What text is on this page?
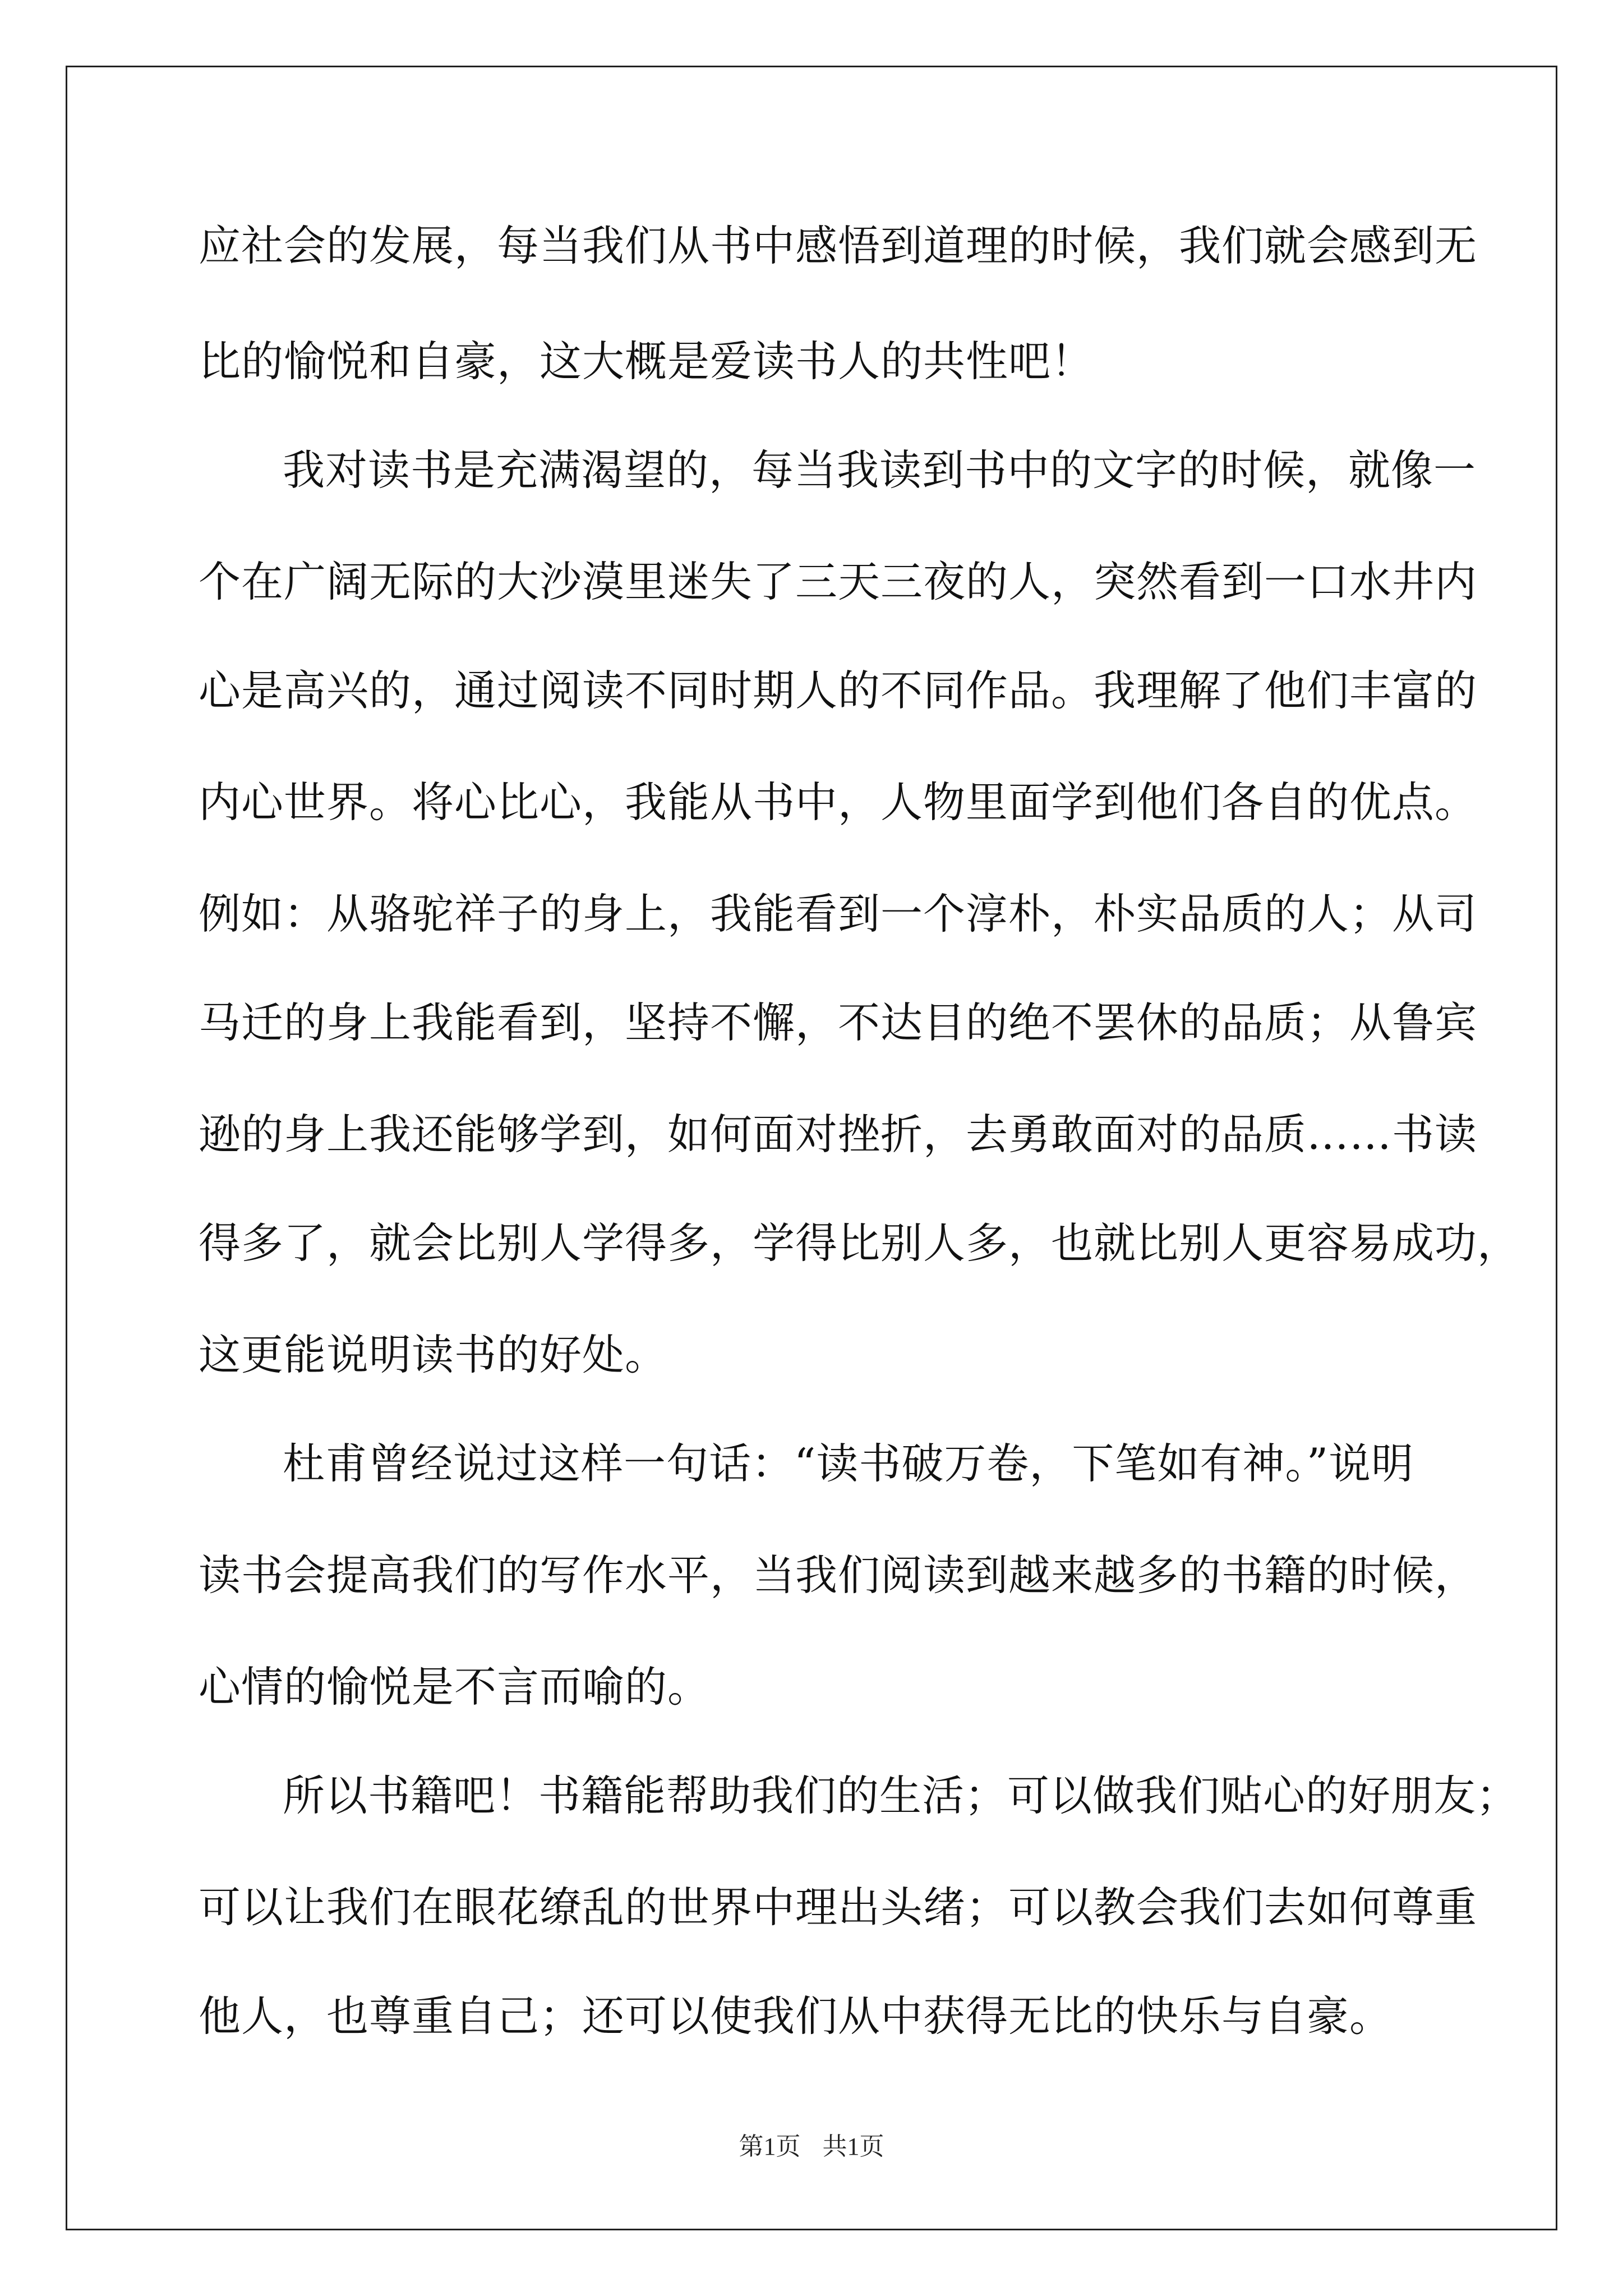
应社会的发展，每当我们从书中感悟到道理的时候，我们就会感到无
比的愉悦和自豪，这大概是爱读书人的共性吧！
我对读书是充满渴望的，每当我读到书中的文字的时候，就像一
个在广阔无际的大沙漠里迷失了三天三夜的人，突然看到一口水井内
心是高兴的，通过阅读不同时期人的不同作品。我理解了他们丰富的
内心世界。将心比心，我能从书中，人物里面学到他们各自的优点。
例如：从骆驼祥子的身上，我能看到一个淳朴，朴实品质的人；从司
马迁的身上我能看到，坚持不懈，不达目的绝不罢休的品质；从鲁宾
逊的身上我还能够学到，如何面对挫折，去勇敢面对的品质……书读
得多了，就会比别人学得多，学得比别人多，也就比别人更容易成功，
这更能说明读书的好处。
杜甫曾经说过这样一句话：“读书破万卷，下笔如有神。”说明
读书会提高我们的写作水平，当我们阅读到越来越多的书籍的时候，
心情的愉悦是不言而喻的。
所以书籍吧！书籍能帮助我们的生活；可以做我们贴心的好朋友；
可以让我们在眼花缭乱的世界中理出头绪；可以教会我们去如何尊重
他人，也尊重自己；还可以使我们从中获得无比的快乐与自豪。
第1页 共1页
